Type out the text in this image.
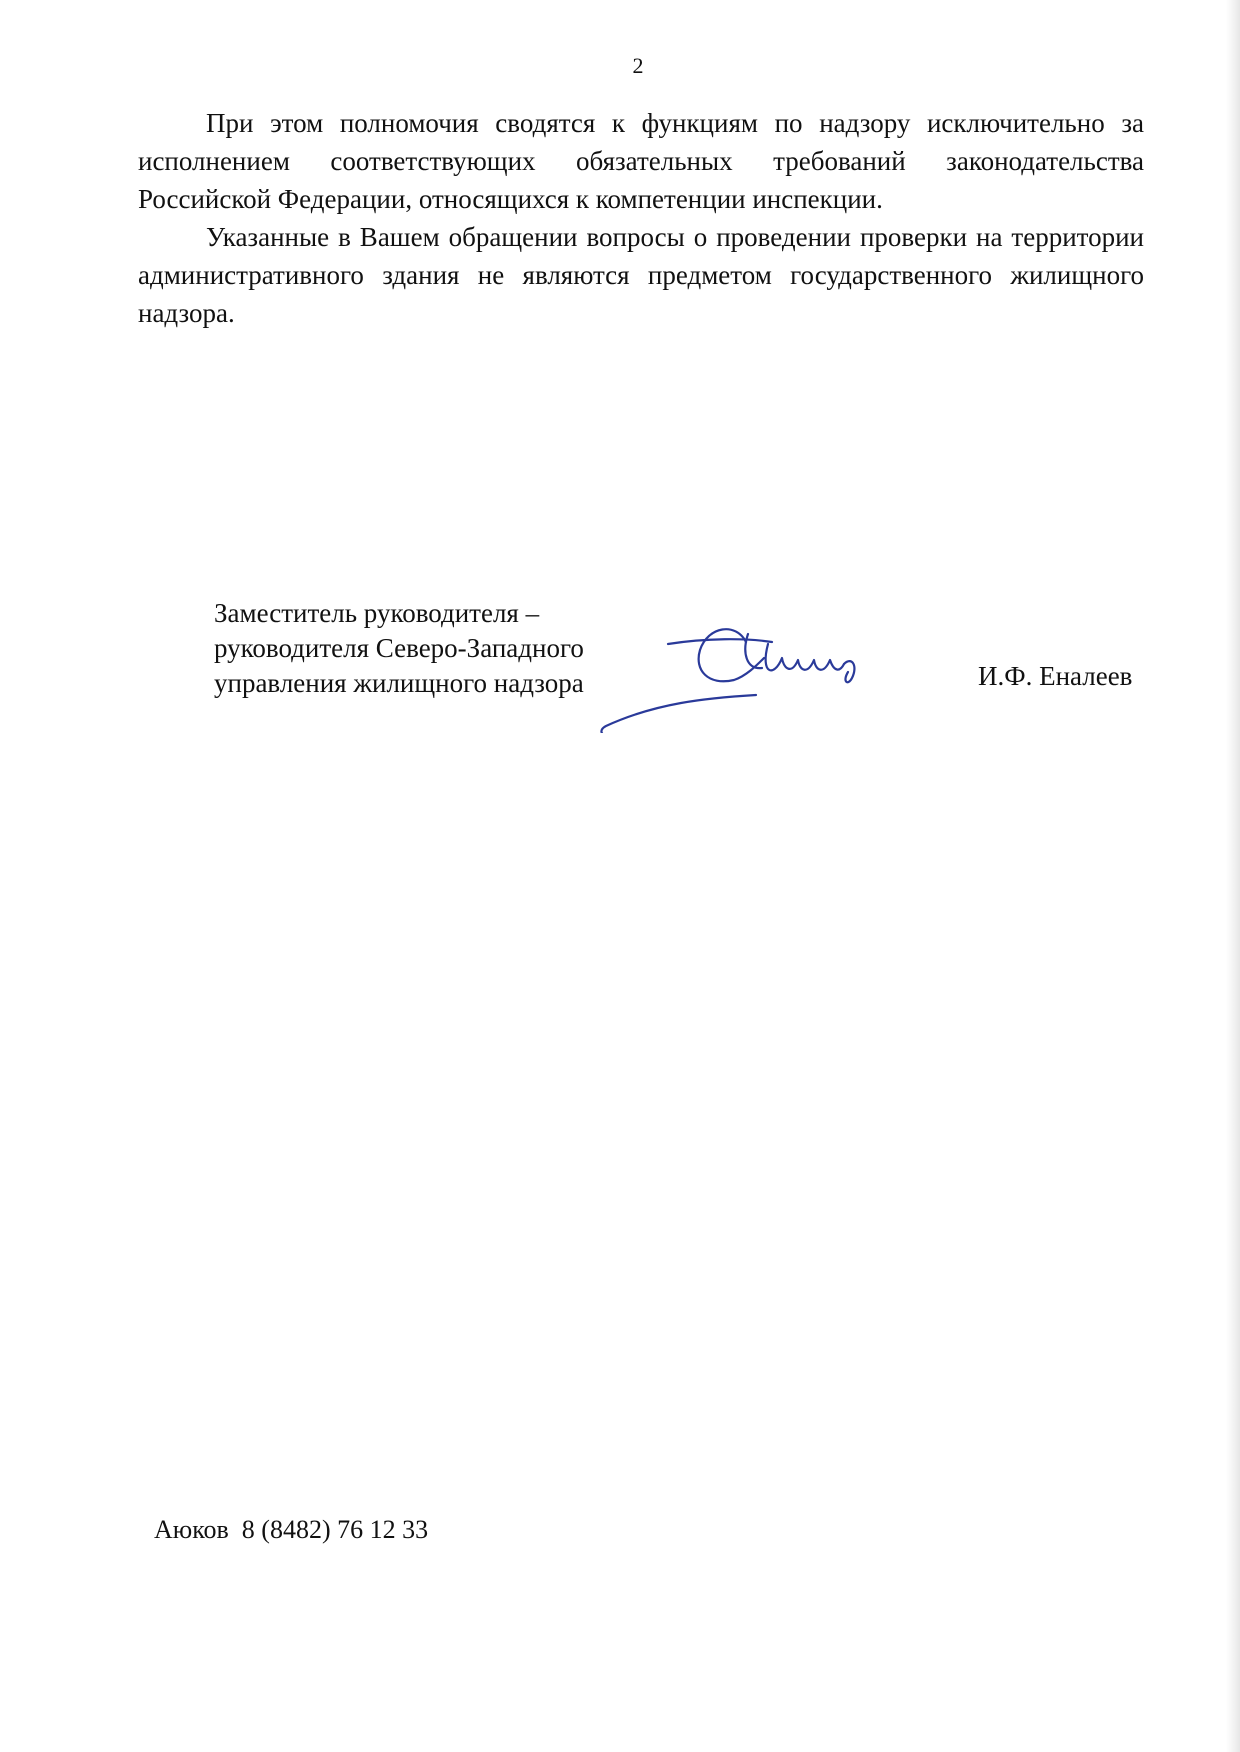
2

При этом полномочия сводятся к функциям по надзору исключительно за исполнением соответствующих обязательных требований законодательства Российской Федерации, относящихся к компетенции инспекции.

Указанные в Вашем обращении вопросы о проведении проверки на территории административного здания не являются предметом государственного жилищного надзора.

Заместитель руководителя –
руководителя Северо-Западного
управления жилищного надзора	И.Ф. Еналеев
Аюков  8 (8482) 76 12 33
